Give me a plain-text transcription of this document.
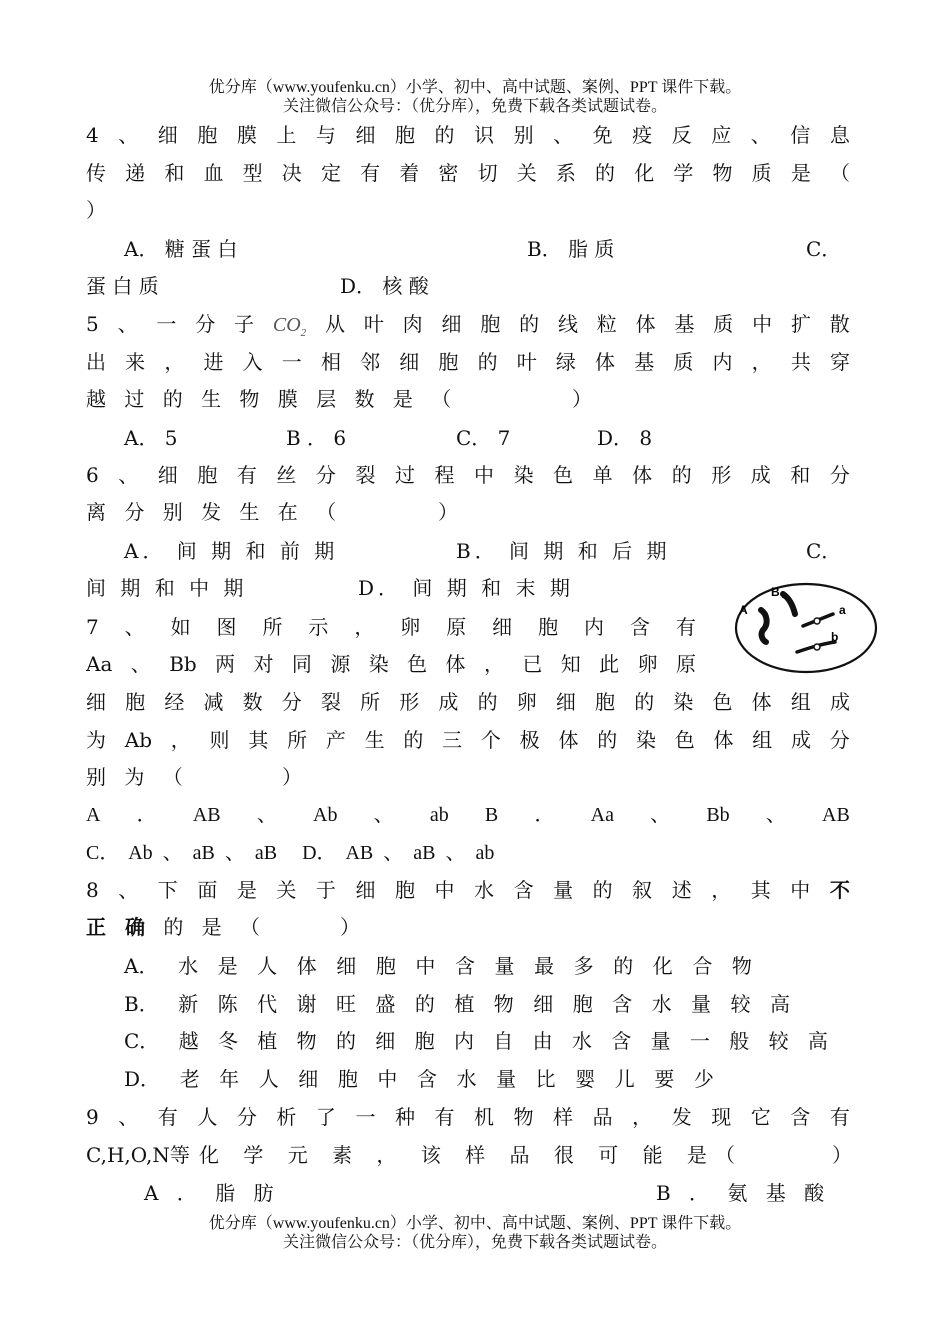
优分库（www.youfenku.cn）小学、初中、高中试题、案例、PPT 课件下载。
关注微信公众号：（优分库），免费下载各类试题试卷。
4 、 细 胞 膜 上 与 细 胞 的 识 别 、 免 疫 反 应 、 信 息
传 递 和 血 型 决 定 有 着 密 切 关 系 的 化 学 物 质 是 （
）
A． 糖 蛋 白	B． 脂 质	C．
蛋 白 质	D． 核 酸
5 、 一 分 子 $CO_2$ 从 叶 肉 细 胞 的 线 粒 体 基 质 中 扩 散
出 来 ， 进 入 一 相 邻 细 胞 的 叶 绿 体 基 质 内 ， 共 穿
越 过 的 生 物 膜 层 数 是 （	）
A． 5	B ． 6	C． 7	D． 8
6 、 细 胞 有 丝 分 裂 过 程 中 染 色 单 体 的 形 成 和 分
离 分 别 发 生 在 （	）
A． 间 期 和 前 期	B． 间 期 和 后 期	C．
间 期 和 中 期	D． 间 期 和 末 期
7 、 如 图 所 示 ， 卵 原 细 胞 内 含 有
Aa 、 Bb 两 对 同 源 染 色 体 ， 已 知 此 卵 原
A
B
a
b
细 胞 经 减 数 分 裂 所 形 成 的 卵 细 胞 的 染 色 体 组 成
为 Ab ， 则 其 所 产 生 的 三 个 极 体 的 染 色 体 组 成 分
别 为 （	）
A ． AB 、 Ab 、 ab B ． Aa 、 Bb 、 AB
C．  Ab  、  aB  、  aB     D．  AB  、  aB  、  ab
8 、 下 面 是 关 于 细 胞 中 水 含 量 的 叙 述 ， 其 中 不
正 确 的 是 （	）
A． 水 是 人 体 细 胞 中 含 量 最 多 的 化 合 物
B． 新 陈 代 谢 旺 盛 的 植 物 细 胞 含 水 量 较 高
C． 越 冬 植 物 的 细 胞 内 自 由 水 含 量 一 般 较 高
D． 老 年 人 细 胞 中 含 水 量 比 婴 儿 要 少
9 、 有 人 分 析 了 一 种 有 机 物 样 品 ， 发 现 它 含 有
C,H,O,N等 化 学 元 素 ， 该 样 品 很 可 能 是 （	）
A ． 脂 肪	B ． 氨 基 酸
优分库（www.youfenku.cn）小学、初中、高中试题、案例、PPT 课件下载。
关注微信公众号：（优分库），免费下载各类试题试卷。
